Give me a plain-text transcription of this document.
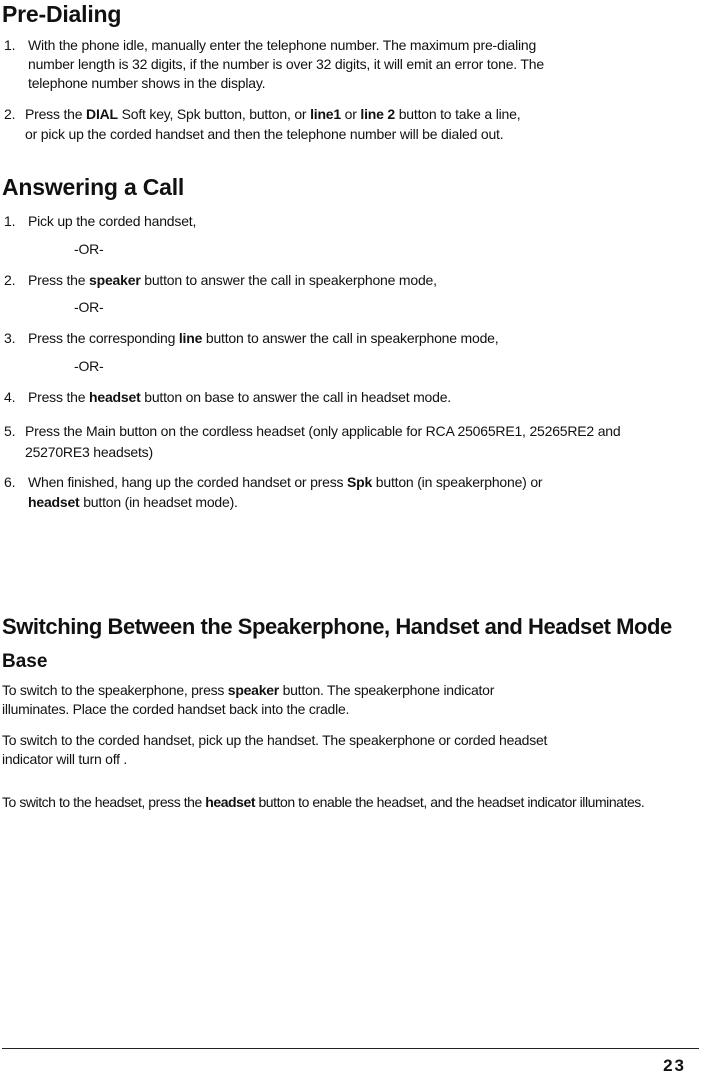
Pre-Dialing
1. With the phone idle, manually enter the telephone number. The maximum pre-dialing
number length is 32 digits, if the number is over 32 digits, it will emit an error tone. The
telephone number shows in the display.
2. Press the DIAL Soft key, Spk button, button, or line1 or line 2 button to take a line,
or pick up the corded handset and then the telephone number will be dialed out.
Answering a Call
1. Pick up the corded handset,
-OR-
2. Press the speaker button to answer the call in speakerphone mode,
-OR-
3. Press the corresponding line button to answer the call in speakerphone mode,
-OR-
4. Press the headset button on base to answer the call in headset mode.
5. Press the Main button on the cordless headset (only applicable for RCA 25065RE1, 25265RE2 and
25270RE3 headsets)
6. When finished, hang up the corded handset or press Spk button (in speakerphone) or
headset button (in headset mode).
Switching Between the Speakerphone, Handset and Headset Mode
Base
To switch to the speakerphone, press speaker button. The speakerphone indicator
illuminates. Place the corded handset back into the cradle.
To switch to the corded handset, pick up the handset. The speakerphone or corded headset
indicator will turn off .
To switch to the headset, press the headset button to enable the headset, and the headset indicator illuminates.
23
